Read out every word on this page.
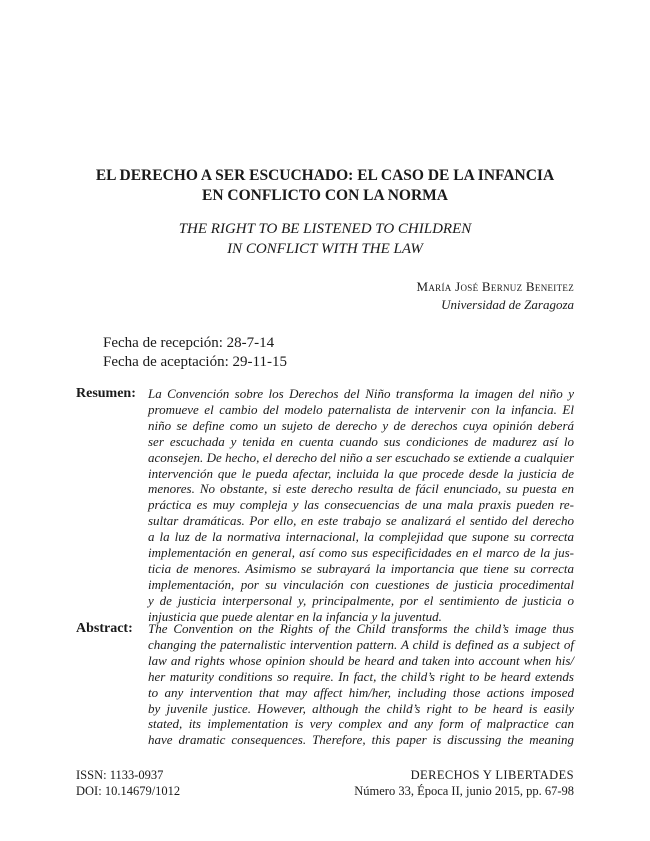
EL DERECHO A SER ESCUCHADO: EL CASO DE LA INFANCIA
EN CONFLICTO CON LA NORMA
THE RIGHT TO BE LISTENED TO CHILDREN
IN CONFLICT WITH THE LAW
María José Bernuz Beneitez
Universidad de Zaragoza
Fecha de recepción: 28-7-14
Fecha de aceptación: 29-11-15
Resumen: La Convención sobre los Derechos del Niño transforma la imagen del niño y
promueve el cambio del modelo paternalista de intervenir con la infancia. El
niño se define como un sujeto de derecho y de derechos cuya opinión deberá
ser escuchada y tenida en cuenta cuando sus condiciones de madurez así lo
aconsejen. De hecho, el derecho del niño a ser escuchado se extiende a cualquier
intervención que le pueda afectar, incluida la que procede desde la justicia de
menores. No obstante, si este derecho resulta de fácil enunciado, su puesta en
práctica es muy compleja y las consecuencias de una mala praxis pueden re-
sultar dramáticas. Por ello, en este trabajo se analizará el sentido del derecho
a la luz de la normativa internacional, la complejidad que supone su correcta
implementación en general, así como sus especificidades en el marco de la jus-
ticia de menores. Asimismo se subrayará la importancia que tiene su correcta
implementación, por su vinculación con cuestiones de justicia procedimental
y de justicia interpersonal y, principalmente, por el sentimiento de justicia o
injusticia que puede alentar en la infancia y la juventud.
Abstract: The Convention on the Rights of the Child transforms the child’s image thus
changing the paternalistic intervention pattern. A child is defined as a subject of
law and rights whose opinion should be heard and taken into account when his/
her maturity conditions so require. In fact, the child’s right to be heard extends
to any intervention that may affect him/her, including those actions imposed
by juvenile justice. However, although the child’s right to be heard is easily
stated, its implementation is very complex and any form of malpractice can
have dramatic consequences. Therefore, this paper is discussing the meaning
ISSN: 1133-0937
DOI: 10.14679/1012
DERECHOS Y LIBERTADES
Número 33, Época II, junio 2015, pp. 67-98
